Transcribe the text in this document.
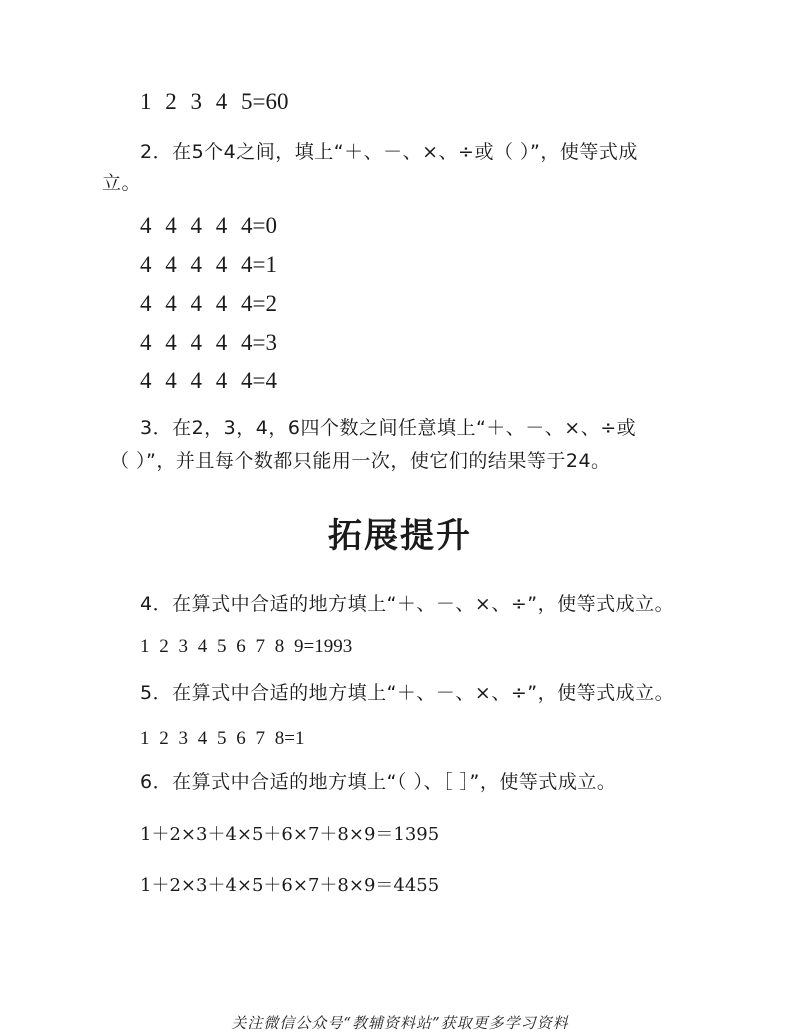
1 2 3 4 5=60
2．在5个4之间，填上“＋、－、×、÷或（ ）”，使等式成
立。
4 4 4 4 4=0
4 4 4 4 4=1
4 4 4 4 4=2
4 4 4 4 4=3
4 4 4 4 4=4
3．在2，3，4，6四个数之间任意填上“＋、－、×、÷或
（ ）”，并且每个数都只能用一次，使它们的结果等于24。
拓展提升
4．在算式中合适的地方填上“＋、－、×、÷”，使等式成立。
1 2 3 4 5 6 7 8 9=1993
5．在算式中合适的地方填上“＋、－、×、÷”，使等式成立。
1 2 3 4 5 6 7 8=1
6．在算式中合适的地方填上“（ ）、［ ］”，使等式成立。
1＋2×3＋4×5＋6×7＋8×9＝1395
1＋2×3＋4×5＋6×7＋8×9＝4455
关注微信公众号“教辅资料站”获取更多学习资料
